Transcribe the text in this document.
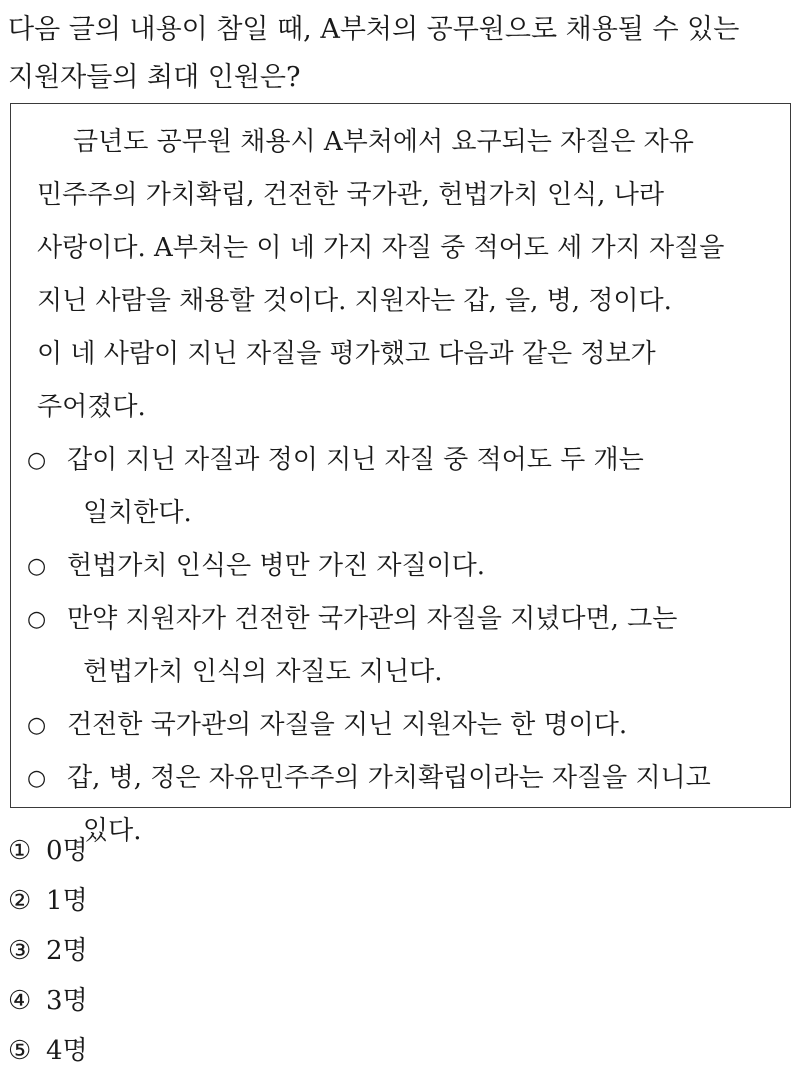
다음 글의 내용이 참일 때, A부처의 공무원으로 채용될 수 있는
지원자들의 최대 인원은?
금년도 공무원 채용시 A부처에서 요구되는 자질은 자유
민주주의 가치확립, 건전한 국가관, 헌법가치 인식, 나라
사랑이다. A부처는 이 네 가지 자질 중 적어도 세 가지 자질을
지닌 사람을 채용할 것이다. 지원자는 갑, 을, 병, 정이다.
이 네 사람이 지닌 자질을 평가했고 다음과 같은 정보가
주어졌다.
○ 갑이 지닌 자질과 정이 지닌 자질 중 적어도 두 개는
일치한다.
○ 헌법가치 인식은 병만 가진 자질이다.
○ 만약 지원자가 건전한 국가관의 자질을 지녔다면, 그는
헌법가치 인식의 자질도 지닌다.
○ 건전한 국가관의 자질을 지닌 지원자는 한 명이다.
○ 갑, 병, 정은 자유민주주의 가치확립이라는 자질을 지니고
있다.
① 0명
② 1명
③ 2명
④ 3명
⑤ 4명
